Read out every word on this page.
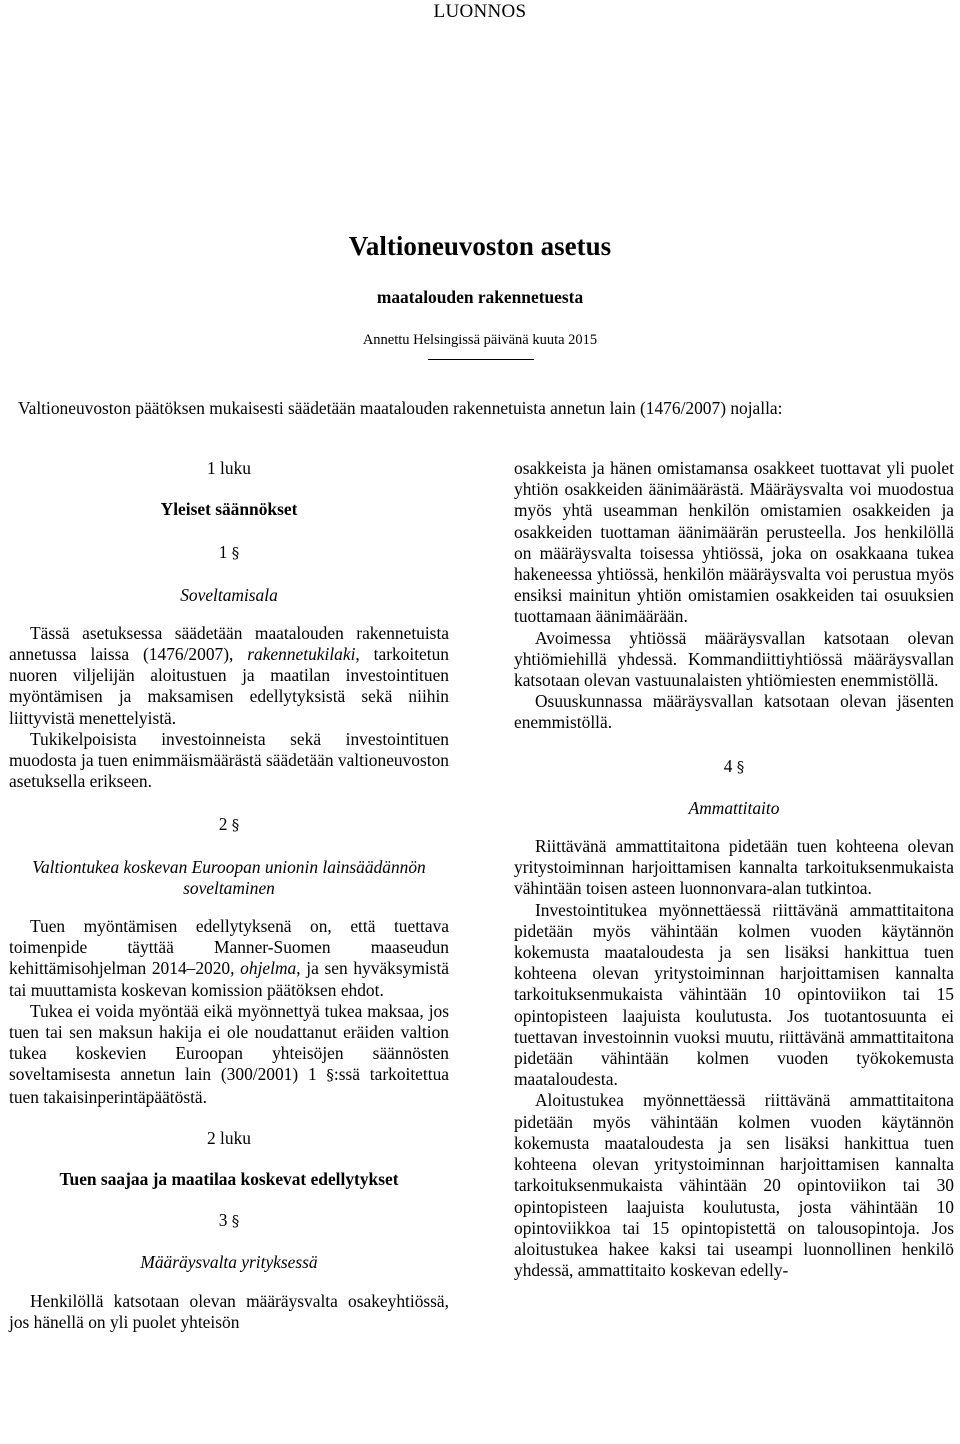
LUONNOS
Valtioneuvoston asetus
maatalouden rakennetuesta
Annettu Helsingissä päivänä kuuta 2015
Valtioneuvoston päätöksen mukaisesti säädetään maatalouden rakennetuista annetun lain (1476/2007) nojalla:

1 luku

Yleiset säännökset

1 §

Soveltamisala

Tässä asetuksessa säädetään maatalouden rakennetuista annetussa laissa (1476/2007), rakennetukilaki, tarkoitetun nuoren viljelijän aloitustuen ja maatilan investointituen myöntämisen ja maksamisen edellytyksistä sekä niihin liittyvistä menettelyistä.

Tukikelpoisista investoinneista sekä investointituen muodosta ja tuen enimmäismäärästä säädetään valtioneuvoston asetuksella erikseen.

2 §

Valtiontukea koskevan Euroopan unionin lainsäädännön soveltaminen

Tuen myöntämisen edellytyksenä on, että tuettava toimenpide täyttää Manner-Suomen maaseudun kehittämisohjelman 2014–2020, ohjelma, ja sen hyväksymistä tai muuttamista koskevan komission päätöksen ehdot.

Tukea ei voida myöntää eikä myönnettyä tukea maksaa, jos tuen tai sen maksun hakija ei ole noudattanut eräiden valtion tukea koskevien Euroopan yhteisöjen säännösten soveltamisesta annetun lain (300/2001) 1 §:ssä tarkoitettua tuen takaisinperintäpäätöstä.

2 luku

Tuen saajaa ja maatilaa koskevat edellytykset

3 §

Määräysvalta yrityksessä

Henkilöllä katsotaan olevan määräysvalta osakeyhtiössä, jos hänellä on yli puolet yhteisön

osakkeista ja hänen omistamansa osakkeet tuottavat yli puolet yhtiön osakkeiden äänimäärästä. Määräysvalta voi muodostua myös yhtä useamman henkilön omistamien osakkeiden ja osakkeiden tuottaman äänimäärän perusteella. Jos henkilöllä on määräysvalta toisessa yhtiössä, joka on osakkaana tukea hakeneessa yhtiössä, henkilön määräysvalta voi perustua myös ensiksi mainitun yhtiön omistamien osakkeiden tai osuuksien tuottamaan äänimäärään.

Avoimessa yhtiössä määräysvallan katsotaan olevan yhtiömiehillä yhdessä. Kommandiittiyhtiössä määräysvallan katsotaan olevan vastuunalaisten yhtiömiesten enemmistöllä.

Osuuskunnassa määräysvallan katsotaan olevan jäsenten enemmistöllä.

4 §

Ammattitaito

Riittävänä ammattitaitona pidetään tuen kohteena olevan yritystoiminnan harjoittamisen kannalta tarkoituksenmukaista vähintään toisen asteen luonnonvara-alan tutkintoa.

Investointitukea myönnettäessä riittävänä ammattitaitona pidetään myös vähintään kolmen vuoden käytännön kokemusta maataloudesta ja sen lisäksi hankittua tuen kohteena olevan yritystoiminnan harjoittamisen kannalta tarkoituksenmukaista vähintään 10 opintoviikon tai 15 opintopisteen laajuista koulutusta. Jos tuotantosuunta ei tuettavan investoinnin vuoksi muutu, riittävänä ammattitaitona pidetään vähintään kolmen vuoden työkokemusta maataloudesta.

Aloitustukea myönnettäessä riittävänä ammattitaitona pidetään myös vähintään kolmen vuoden käytännön kokemusta maataloudesta ja sen lisäksi hankittua tuen kohteena olevan yritystoiminnan harjoittamisen kannalta tarkoituksenmukaista vähintään 20 opintoviikon tai 30 opintopisteen laajuista koulutusta, josta vähintään 10 opintoviikkoa tai 15 opintopistettä on talousopintoja. Jos aloitustukea hakee kaksi tai useampi luonnollinen henkilö yhdessä, ammattitaito koskevan edelly-
